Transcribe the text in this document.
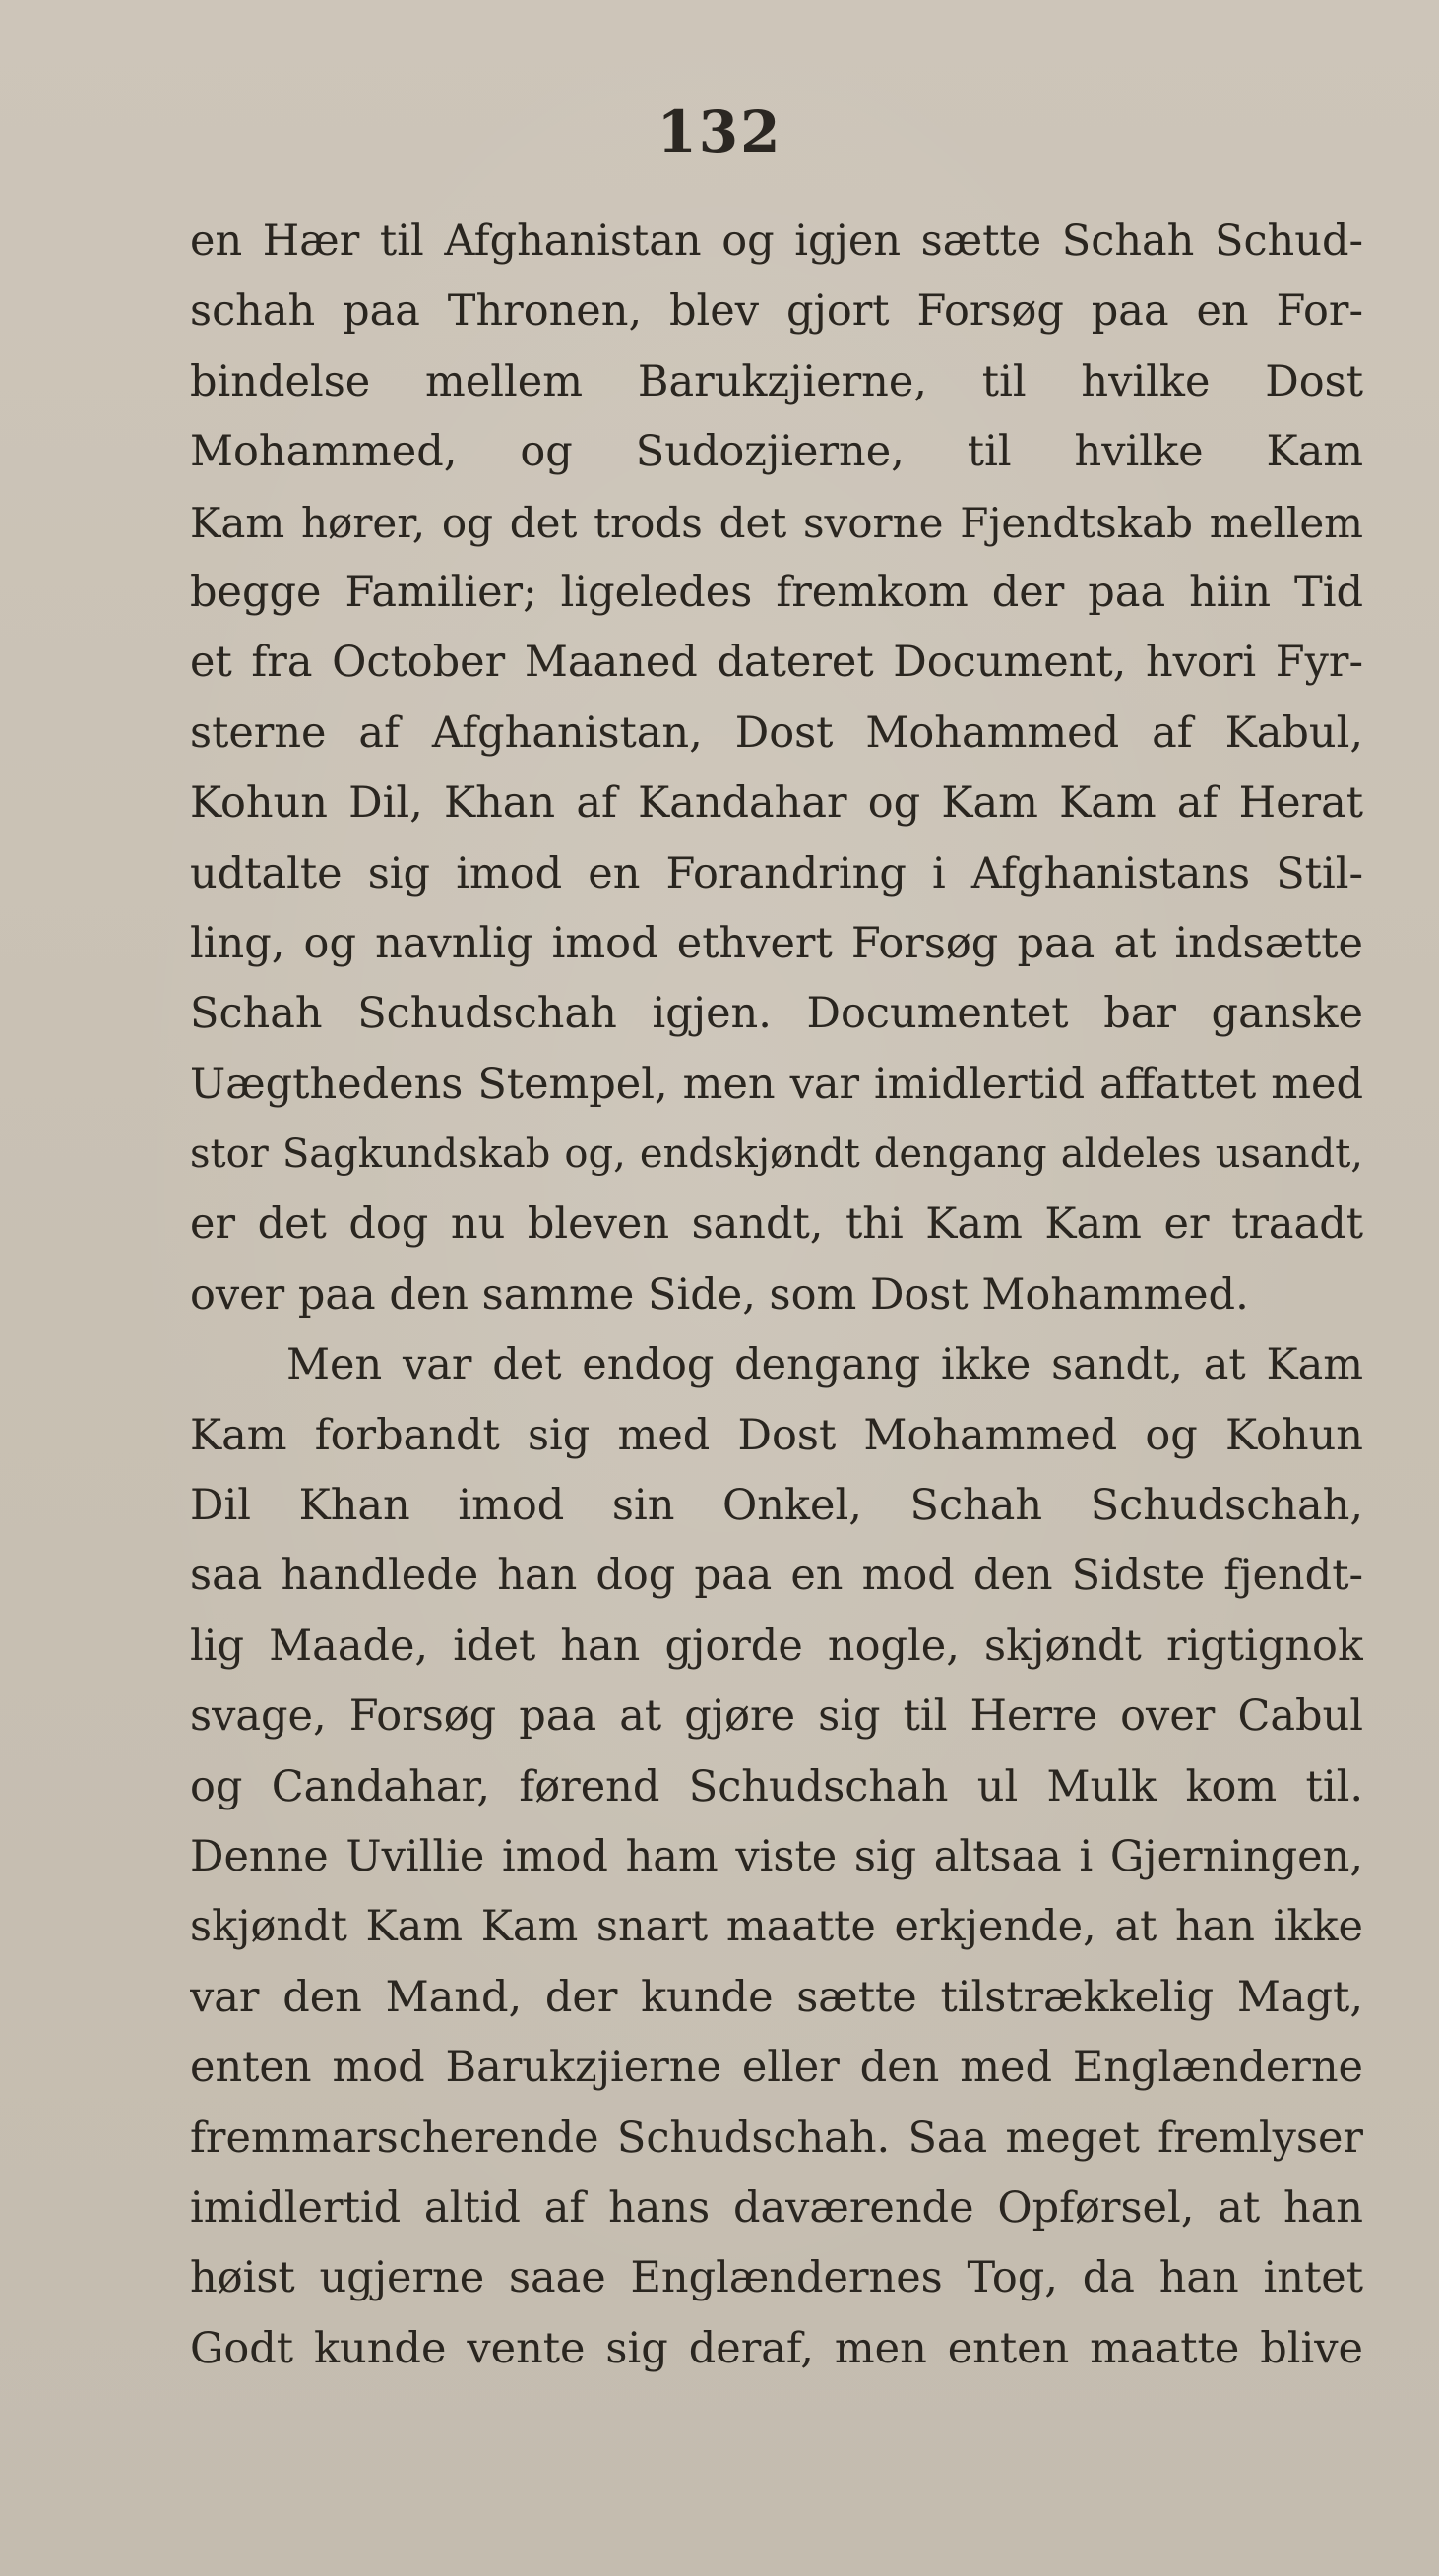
132
en Hær til Afghanistan og igjen sætte Schah Schud-
schah paa Thronen, blev gjort Forsøg paa en For-
bindelse mellem Barukzjierne, til hvilke Dost
Mohammed, og Sudozjierne, til hvilke Kam
Kam hører, og det trods det svorne Fjendtskab mellem
begge Familier; ligeledes fremkom der paa hiin Tid
et fra October Maaned dateret Document, hvori Fyr-
sterne af Afghanistan, Dost Mohammed af Kabul,
Kohun Dil, Khan af Kandahar og Kam Kam af Herat
udtalte sig imod en Forandring i Afghanistans Stil-
ling, og navnlig imod ethvert Forsøg paa at indsætte
Schah Schudschah igjen. Documentet bar ganske
Uægthedens Stempel, men var imidlertid affattet med
stor Sagkundskab og, endskjøndt dengang aldeles usandt,
er det dog nu bleven sandt, thi Kam Kam er traadt
over paa den samme Side, som Dost Mohammed.
Men var det endog dengang ikke sandt, at Kam
Kam forbandt sig med Dost Mohammed og Kohun
Dil Khan imod sin Onkel, Schah Schudschah,
saa handlede han dog paa en mod den Sidste fjendt-
lig Maade, idet han gjorde nogle, skjøndt rigtignok
svage, Forsøg paa at gjøre sig til Herre over Cabul
og Candahar, førend Schudschah ul Mulk kom til.
Denne Uvillie imod ham viste sig altsaa i Gjerningen,
skjøndt Kam Kam snart maatte erkjende, at han ikke
var den Mand, der kunde sætte tilstrækkelig Magt,
enten mod Barukzjierne eller den med Englænderne
fremmarscherende Schudschah. Saa meget fremlyser
imidlertid altid af hans daværende Opførsel, at han
høist ugjerne saae Englændernes Tog, da han intet
Godt kunde vente sig deraf, men enten maatte blive
